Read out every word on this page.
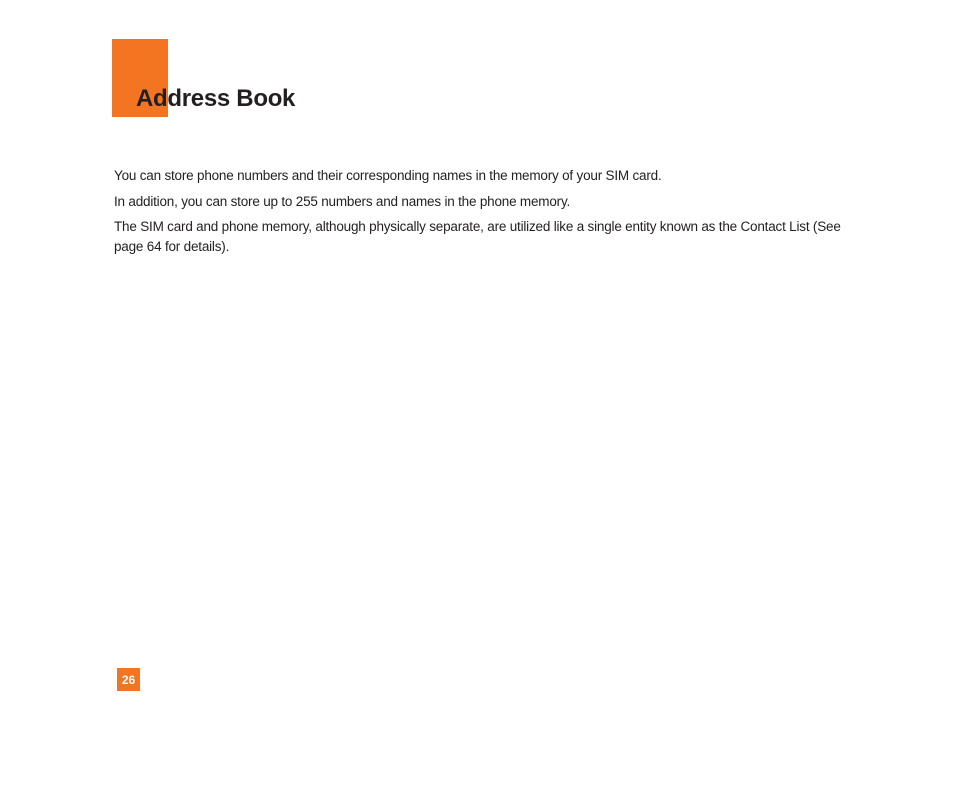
Address Book

You can store phone numbers and their corresponding names in the memory of your SIM card.

In addition, you can store up to 255 numbers and names in the phone memory.

The SIM card and phone memory, although physically separate, are utilized like a single entity known as the Contact List (See page 64 for details).

26
